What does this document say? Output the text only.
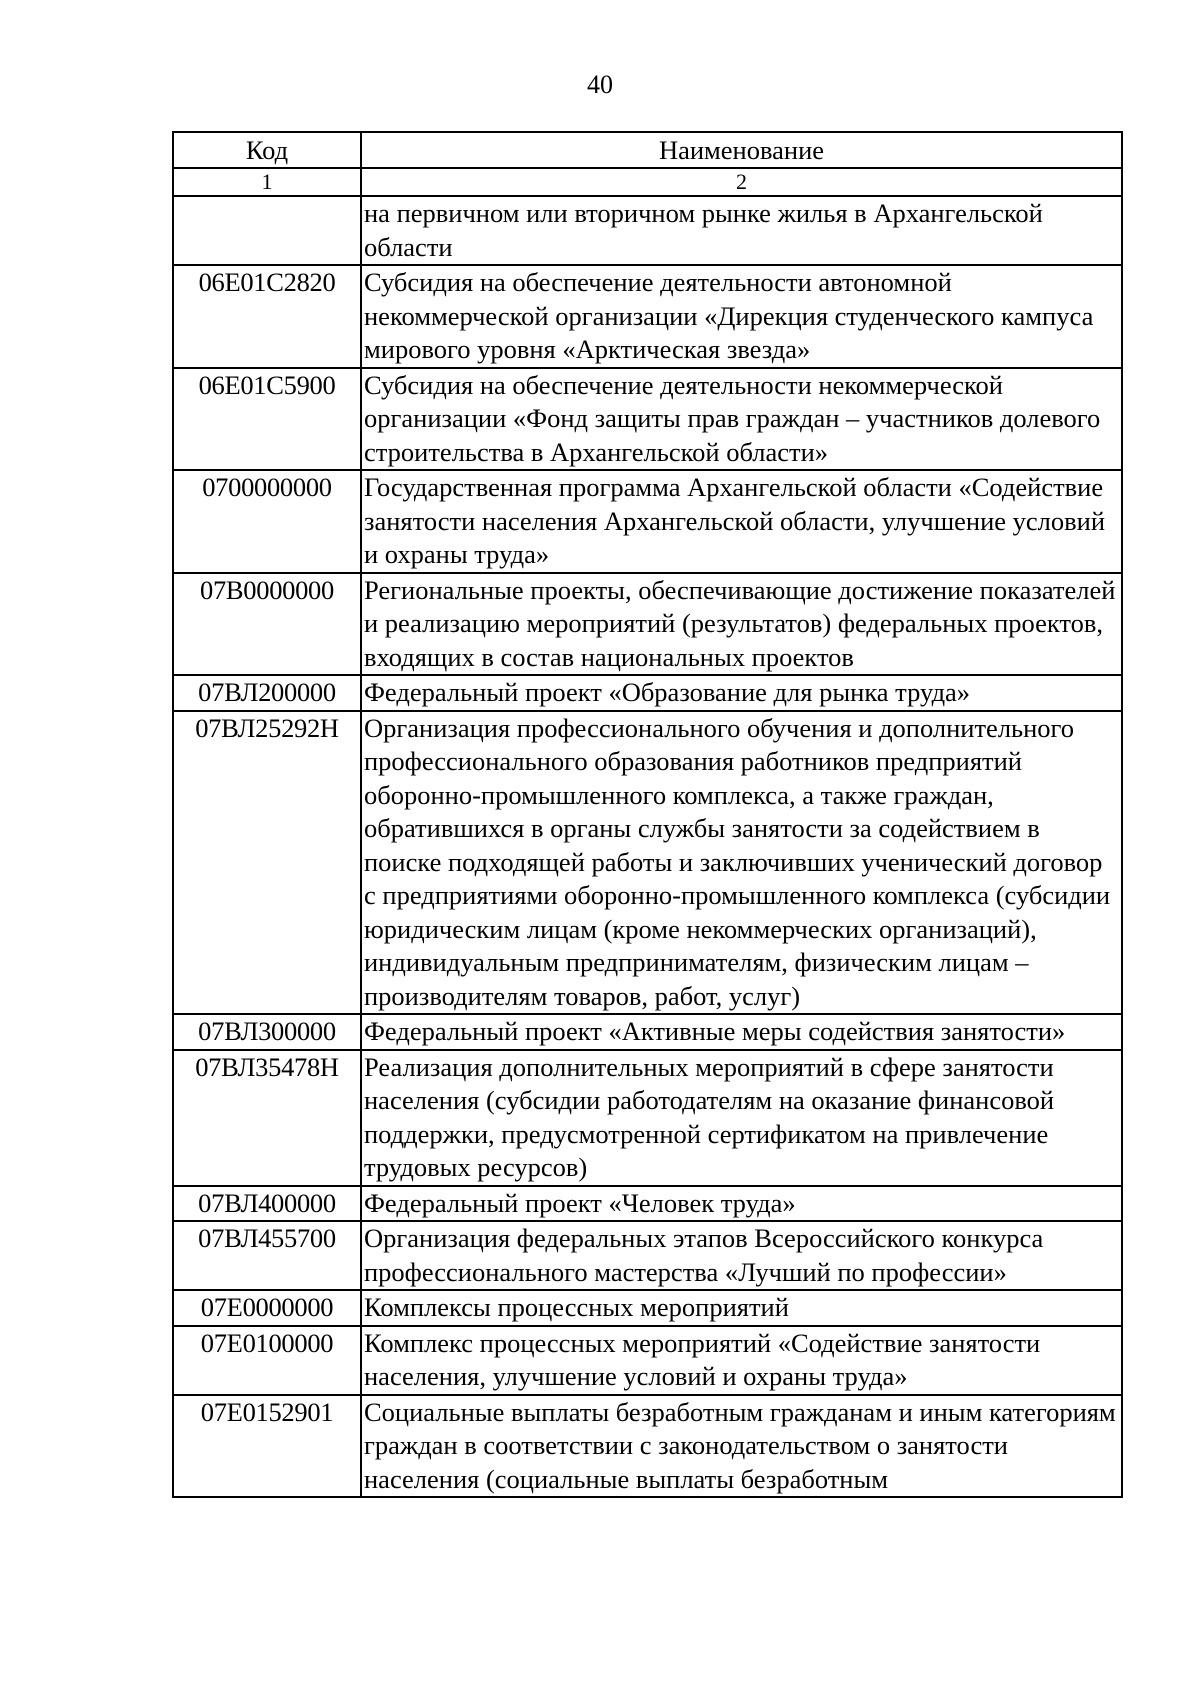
40
Код	Наименование
1	2
	на первичном или вторичном рынке жилья в Архангельской области
06Е01С2820	Субсидия на обеспечение деятельности автономной некоммерческой организации «Дирекция студенческого кампуса мирового уровня «Арктическая звезда»
06Е01С5900	Субсидия на обеспечение деятельности некоммерческой организации «Фонд защиты прав граждан – участников долевого строительства в Архангельской области»
0700000000	Государственная программа Архангельской области «Содействие занятости населения Архангельской области, улучшение условий и охраны труда»
07В0000000	Региональные проекты, обеспечивающие достижение показателей и реализацию мероприятий (результатов) федеральных проектов, входящих в состав национальных проектов
07ВЛ200000	Федеральный проект «Образование для рынка труда»
07ВЛ25292Н	Организация профессионального обучения и дополнительного профессионального образования работников предприятий оборонно-промышленного комплекса, а также граждан, обратившихся в органы службы занятости за содействием в поиске подходящей работы и заключивших ученический договор с предприятиями оборонно-промышленного комплекса (субсидии юридическим лицам (кроме некоммерческих организаций), индивидуальным предпринимателям, физическим лицам – производителям товаров, работ, услуг)
07ВЛ300000	Федеральный проект «Активные меры содействия занятости»
07ВЛ35478Н	Реализация дополнительных мероприятий в сфере занятости населения (субсидии работодателям на оказание финансовой поддержки, предусмотренной сертификатом на привлечение трудовых ресурсов)
07ВЛ400000	Федеральный проект «Человек труда»
07ВЛ455700	Организация федеральных этапов Всероссийского конкурса профессионального мастерства «Лучший по профессии»
07Е0000000	Комплексы процессных мероприятий
07Е0100000	Комплекс процессных мероприятий «Содействие занятости населения, улучшение условий и охраны труда»
07Е0152901	Социальные выплаты безработным гражданам и иным категориям граждан в соответствии с законодательством о занятости населения (социальные выплаты безработным
